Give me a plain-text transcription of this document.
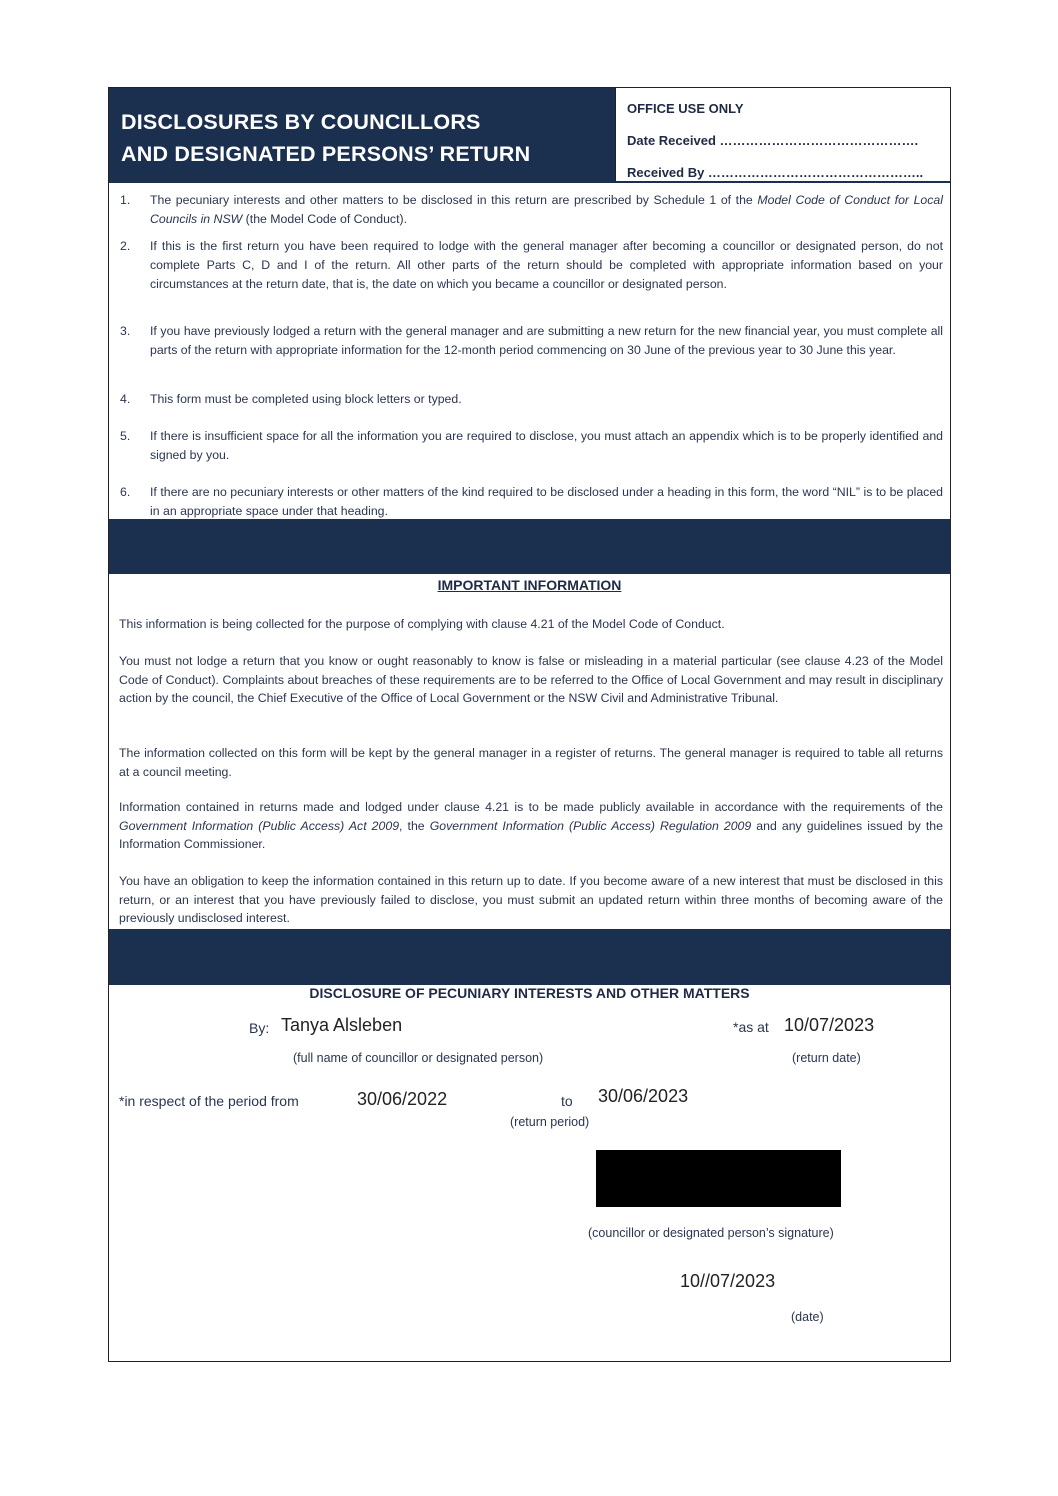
DISCLOSURES BY COUNCILLORS
AND DESIGNATED PERSONS’ RETURN
OFFICE USE ONLY
Date Received ……………………………………….
Received By …………………………………………..
1. The pecuniary interests and other matters to be disclosed in this return are prescribed by Schedule 1 of the Model Code of Conduct for Local Councils in NSW (the Model Code of Conduct).
2. If this is the first return you have been required to lodge with the general manager after becoming a councillor or designated person, do not complete Parts C, D and I of the return. All other parts of the return should be completed with appropriate information based on your circumstances at the return date, that is, the date on which you became a councillor or designated person.
3. If you have previously lodged a return with the general manager and are submitting a new return for the new financial year, you must complete all parts of the return with appropriate information for the 12-month period commencing on 30 June of the previous year to 30 June this year.
4. This form must be completed using block letters or typed.
5. If there is insufficient space for all the information you are required to disclose, you must attach an appendix which is to be properly identified and signed by you.
6. If there are no pecuniary interests or other matters of the kind required to be disclosed under a heading in this form, the word “NIL” is to be placed in an appropriate space under that heading.
IMPORTANT INFORMATION
This information is being collected for the purpose of complying with clause 4.21 of the Model Code of Conduct.
You must not lodge a return that you know or ought reasonably to know is false or misleading in a material particular (see clause 4.23 of the Model Code of Conduct). Complaints about breaches of these requirements are to be referred to the Office of Local Government and may result in disciplinary action by the council, the Chief Executive of the Office of Local Government or the NSW Civil and Administrative Tribunal.
The information collected on this form will be kept by the general manager in a register of returns. The general manager is required to table all returns at a council meeting.
Information contained in returns made and lodged under clause 4.21 is to be made publicly available in accordance with the requirements of the Government Information (Public Access) Act 2009, the Government Information (Public Access) Regulation 2009 and any guidelines issued by the Information Commissioner.
You have an obligation to keep the information contained in this return up to date. If you become aware of a new interest that must be disclosed in this return, or an interest that you have previously failed to disclose, you must submit an updated return within three months of becoming aware of the previously undisclosed interest.
DISCLOSURE OF PECUNIARY INTERESTS AND OTHER MATTERS
By: Tanya Alsleben
(full name of councillor or designated person)
*as at 10/07/2023
(return date)
*in respect of the period from	30/06/2022	to 30/06/2023
(return period)
(councillor or designated person’s signature)
10//07/2023
(date)
